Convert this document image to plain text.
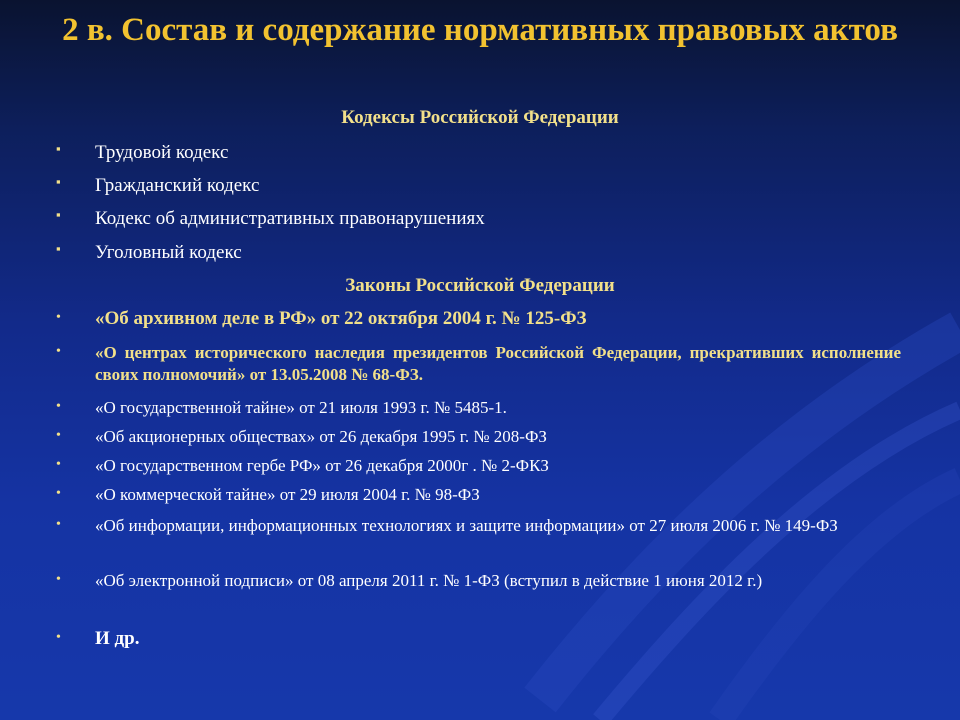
2 в. Состав и содержание нормативных правовых актов
Кодексы Российской Федерации
▪ Трудовой кодекс
▪ Гражданский кодекс
▪ Кодекс об административных правонарушениях
▪ Уголовный кодекс
Законы Российской Федерации
• «Об архивном деле в РФ» от 22 октября 2004 г. № 125-ФЗ
• «О центрах исторического наследия президентов Российской Федерации, прекративших исполнение своих полномочий» от 13.05.2008 № 68-ФЗ.
• «О государственной тайне» от 21 июля 1993 г. № 5485-1.
• «Об акционерных обществах» от 26 декабря 1995 г. № 208-ФЗ
• «О государственном гербе РФ» от 26 декабря 2000г . № 2-ФКЗ
• «О коммерческой тайне» от 29 июля 2004 г. № 98-ФЗ
• «Об информации, информационных технологиях и защите информации» от 27 июля 2006 г. № 149-ФЗ
• «Об электронной подписи» от 08 апреля 2011 г. № 1-ФЗ (вступил в действие 1 июня 2012 г.)
• И др.
